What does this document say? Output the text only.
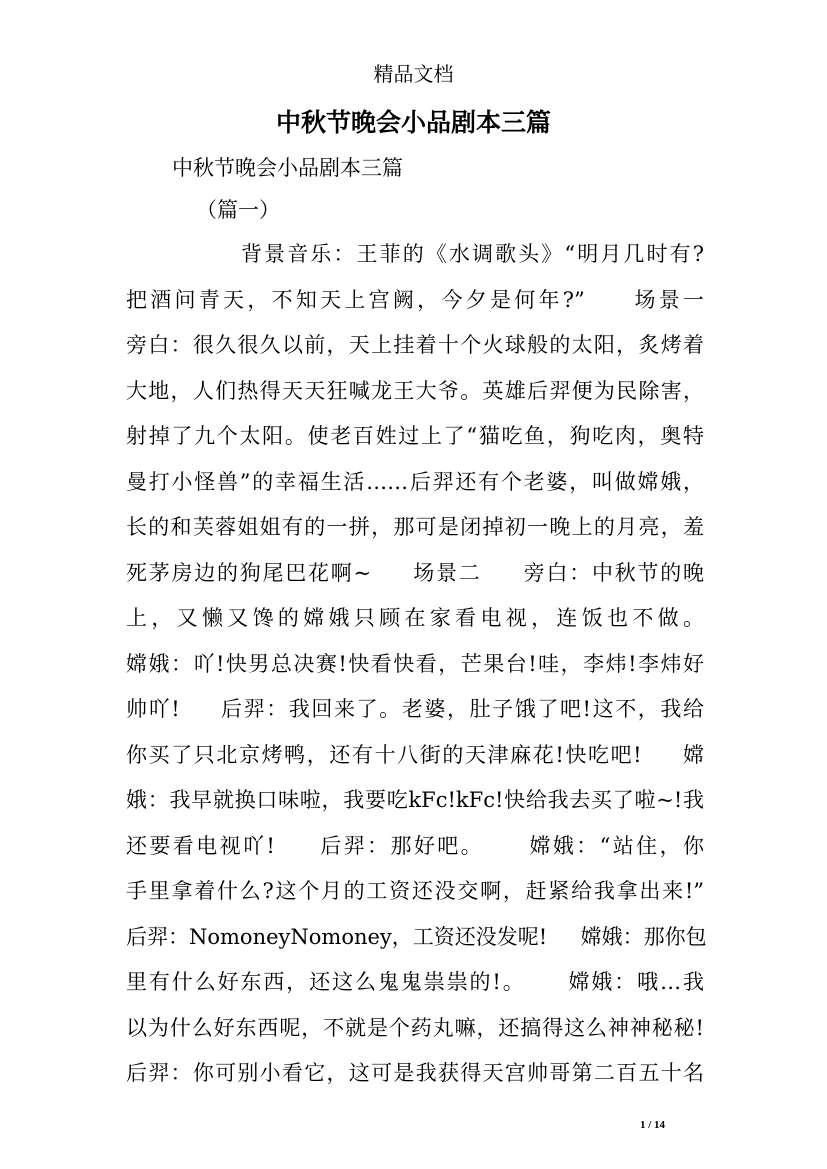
精品文档
中秋节晚会小品剧本三篇
中秋节晚会小品剧本三篇
（篇一）
背景音乐：王菲的《水调歌头》“明月几时有?
把酒问青天，不知天上宫阙，今夕是何年?”     场景一
旁白：很久很久以前，天上挂着十个火球般的太阳，炙烤着
大地，人们热得天天狂喊龙王大爷。英雄后羿便为民除害，
射掉了九个太阳。使老百姓过上了“猫吃鱼，狗吃肉，奥特
曼打小怪兽”的幸福生活……后羿还有个老婆，叫做嫦娥，
长的和芙蓉姐姐有的一拼，那可是闭掉初一晚上的月亮，羞
死茅房边的狗尾巴花啊~     场景二     旁白：中秋节的晚
上，又懒又馋的嫦娥只顾在家看电视，连饭也不做。
嫦娥：吖!快男总决赛!快看快看，芒果台!哇，李炜!李炜好
帅吖!     后羿：我回来了。老婆，肚子饿了吧!这不，我给
你买了只北京烤鸭，还有十八街的天津麻花!快吃吧!     嫦
娥：我早就换口味啦，我要吃kFc!kFc!快给我去买了啦~!我
还要看电视吖!     后羿：那好吧。     嫦娥：“站住，你
手里拿着什么?这个月的工资还没交啊，赶紧给我拿出来!”
后羿：NomoneyNomoney，工资还没发呢!     嫦娥：那你包
里有什么好东西，还这么鬼鬼祟祟的!。     嫦娥：哦…我
以为什么好东西呢，不就是个药丸嘛，还搞得这么神神秘秘!
后羿：你可别小看它，这可是我获得天宫帅哥第二百五十名
1 / 14
